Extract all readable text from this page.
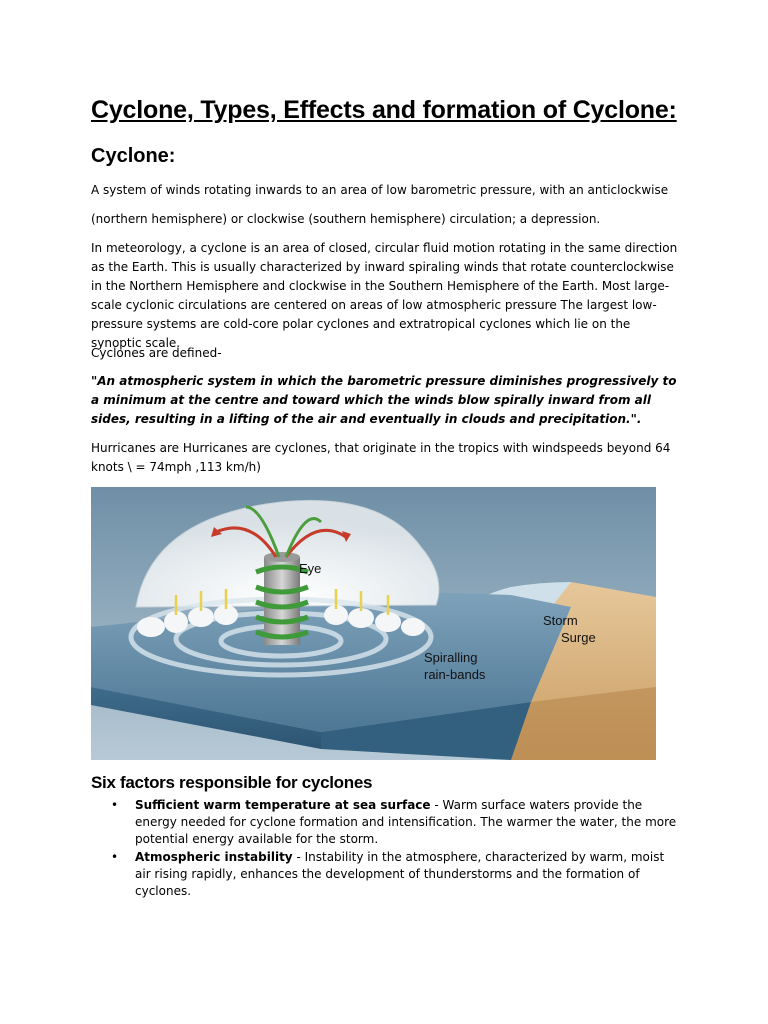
Cyclone, Types, Effects and formation of Cyclone:
Cyclone:

A system of winds rotating inwards to an area of low barometric pressure, with an anticlockwise

(northern hemisphere) or clockwise (southern hemisphere) circulation; a depression.

In meteorology, a cyclone is an area of closed, circular fluid motion rotating in the same direction as the Earth. This is usually characterized by inward spiraling winds that rotate counterclockwise in the Northern Hemisphere and clockwise in the Southern Hemisphere of the Earth. Most large-scale cyclonic circulations are centered on areas of low atmospheric pressure The largest low-pressure systems are cold-core polar cyclones and extratropical cyclones which lie on the synoptic scale.

Cyclones are defined-

"An atmospheric system in which the barometric pressure diminishes progressively to a minimum at the centre and toward which the winds blow spirally inward from all sides, resulting in a lifting of the air and eventually in clouds and precipitation.".

Hurricanes are Hurricanes are cyclones, that originate in the tropics with windspeeds beyond 64 knots \ = 74mph ,113 km/h)

Eye
Storm
Surge
Spiralling
rain-bands
Six factors responsible for cyclones
• Sufficient warm temperature at sea surface - Warm surface waters provide the energy needed for cyclone formation and intensification. The warmer the water, the more potential energy available for the storm.
• Atmospheric instability - Instability in the atmosphere, characterized by warm, moist air rising rapidly, enhances the development of thunderstorms and the formation of cyclones.
